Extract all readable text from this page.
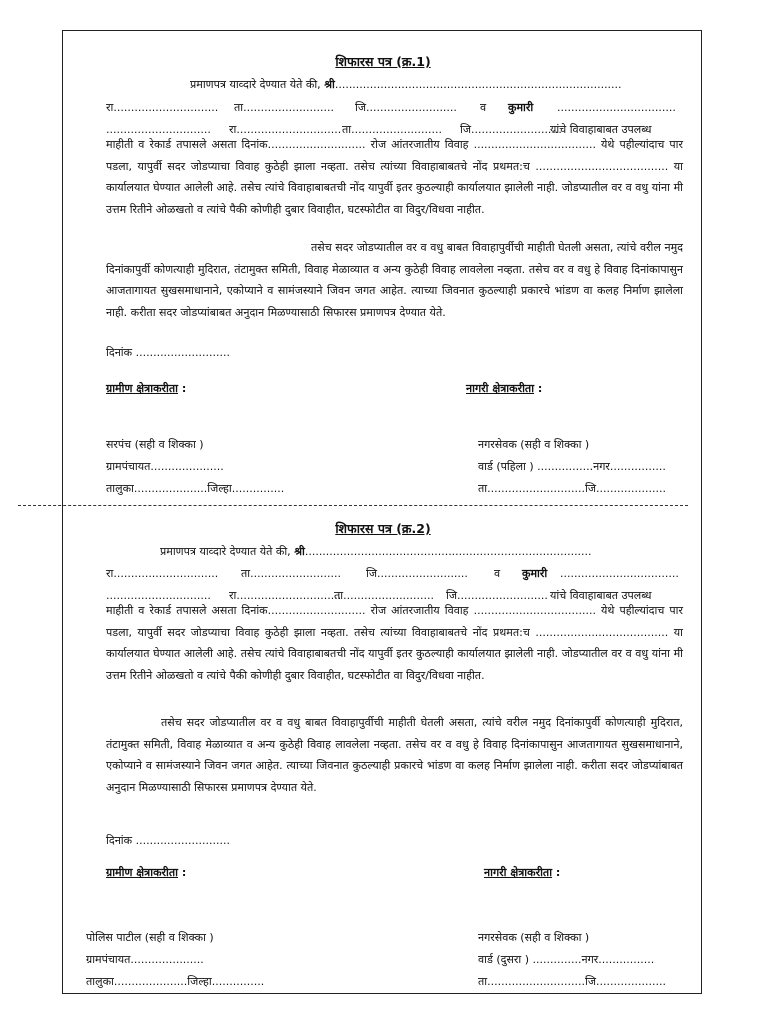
शिफारस पत्र (क्र.1)
प्रमाणपत्र याव्दारे देण्यात येते की, श्री..................................................................................
रा.............................. ता.......................... जि.......................... व कुमारी ..................................
.............................. रा.............................. ता.......................... जि..........................
यांचे विवाहाबाबत उपलब्ध
माहीती व रेकार्ड तपासले असता दिनांक............................ रोज आंतरजातीय विवाह ................................... येथे पहील्यांदाच पार पडला, यापुर्वी सदर जोडप्याचा विवाह कुठेही झाला नव्हता. तसेच त्यांच्या विवाहाबाबतचे नोंद प्रथमत:च ...................................... या कार्यालयात घेण्यात आलेली आहे. तसेच त्यांचे विवाहाबाबतची नोंद यापुर्वी इतर कुठल्याही कार्यालयात झालेली नाही. जोडप्यातील वर व वधु यांना मी उत्तम रितीने ओळखतो व त्यांचे पैकी कोणीही दुबार विवाहीत, घटस्फोटीत वा विदुर/विधवा नाहीत.
तसेच सदर जोडप्यातील वर व वधु बाबत विवाहापुर्वीची माहीती घेतली असता, त्यांचे वरील नमुद दिनांकापुर्वी कोणत्याही मुदिरात, तंटामुक्त समिती, विवाह मेळाव्यात व अन्य कुठेही विवाह लावलेला नव्हता. तसेच वर व वधु हे विवाह दिनांकापासुन आजतागायत सुखसमाधानाने, एकोप्याने व सामंजस्याने जिवन जगत आहेत. त्याच्या जिवनात कुठल्याही प्रकारचे भांडण वा कलह निर्माण झालेला नाही. करीता सदर जोडप्यांबाबत अनुदान मिळण्यासाठी सिफारस प्रमाणपत्र देण्यात येते.
दिनांक ...........................
ग्रामीण क्षेत्राकरीता :	नागरी क्षेत्राकरीता :
सरपंच (सही व शिक्का )
ग्रामपंचायत.....................
तालुका.....................जिल्हा...............
नगरसेवक (सही व शिक्का )
वार्ड (पहिला ) ................नगर................
ता............................जि....................
शिफारस पत्र (क्र.2)
प्रमाणपत्र याव्दारे देण्यात येते की, श्री..................................................................................
रा.............................. ता.......................... जि.......................... व कुमारी ..................................
.............................. रा..............................
ता.......................... जि.......................... यांचे विवाहाबाबत उपलब्ध
माहीती व रेकार्ड तपासले असता दिनांक............................ रोज आंतरजातीय विवाह ................................... येथे पहील्यांदाच पार पडला, यापुर्वी सदर जोडप्याचा विवाह कुठेही झाला नव्हता. तसेच त्यांच्या विवाहाबाबतचे नोंद प्रथमत:च ...................................... या कार्यालयात घेण्यात आलेली आहे. तसेच त्यांचे विवाहाबाबतची नोंद यापुर्वी इतर कुठल्याही कार्यालयात झालेली नाही. जोडप्यातील वर व वधु यांना मी उत्तम रितीने ओळखतो व त्यांचे पैकी कोणीही दुबार विवाहीत, घटस्फोटीत वा विदुर/विधवा नाहीत.
तसेच सदर जोडप्यातील वर व वधु बाबत विवाहापुर्वीची माहीती घेतली असता, त्यांचे वरील नमुद दिनांकापुर्वी कोणत्याही मुदिरात, तंटामुक्त समिती, विवाह मेळाव्यात व अन्य कुठेही विवाह लावलेला नव्हता. तसेच वर व वधु हे विवाह दिनांकापासुन आजतागायत सुखसमाधानाने, एकोप्याने व सामंजस्याने जिवन जगत आहेत. त्याच्या जिवनात कुठल्याही प्रकारचे भांडण वा कलह निर्माण झालेला नाही. करीता सदर जोडप्यांबाबत अनुदान मिळण्यासाठी सिफारस प्रमाणपत्र देण्यात येते.
दिनांक ...........................
ग्रामीण क्षेत्राकरीता :	नागरी क्षेत्राकरीता :
पोलिस पाटील (सही व शिक्का )
ग्रामपंचायत.....................
तालुका.....................जिल्हा...............
नगरसेवक (सही व शिक्का )
वार्ड (दुसरा ) ..............नगर................
ता............................जि....................
